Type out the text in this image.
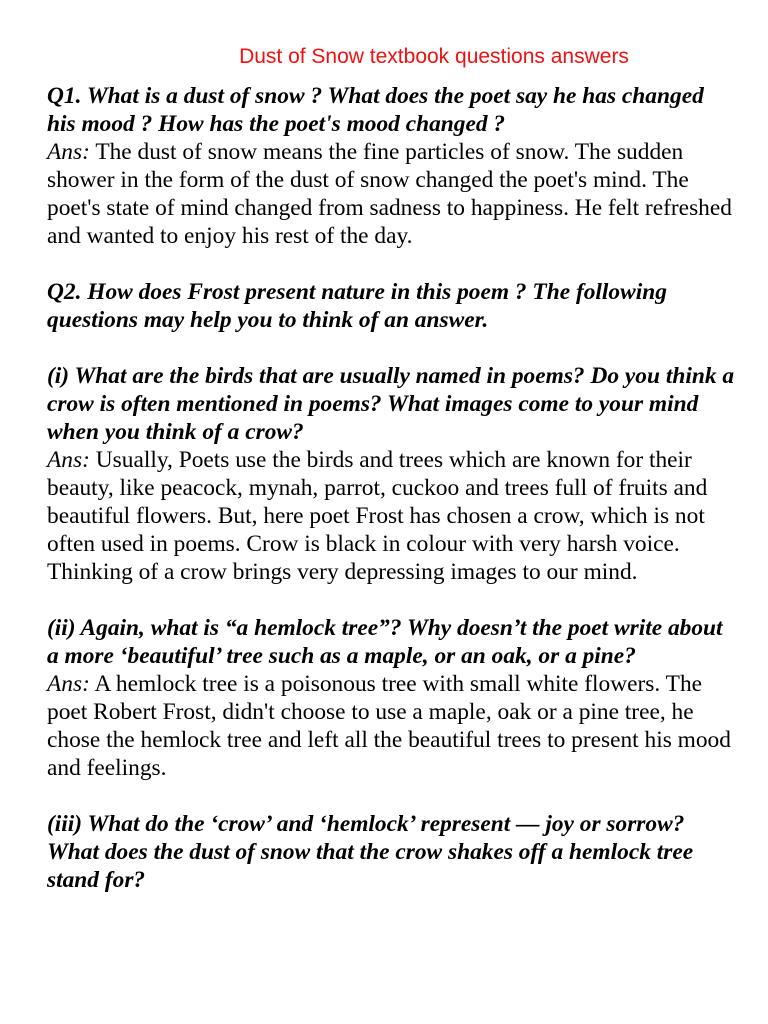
Dust of Snow textbook questions answers

Q1. What is a dust of snow ? What does the poet say he has changed his mood ? How has the poet's mood changed ?

Ans: The dust of snow means the fine particles of snow. The sudden shower in the form of the dust of snow changed the poet's mind. The poet's state of mind changed from sadness to happiness. He felt refreshed and wanted to enjoy his rest of the day.

Q2. How does Frost present nature in this poem ? The following questions may help you to think of an answer.

(i) What are the birds that are usually named in poems? Do you think a crow is often mentioned in poems? What images come to your mind when you think of a crow?

Ans: Usually, Poets use the birds and trees which are known for their beauty, like peacock, mynah, parrot, cuckoo and trees full of fruits and beautiful flowers. But, here poet Frost has chosen a crow, which is not often used in poems. Crow is black in colour with very harsh voice. Thinking of a crow brings very depressing images to our mind.

(ii) Again, what is “a hemlock tree”? Why doesn’t the poet write about a more ‘beautiful’ tree such as a maple, or an oak, or a pine?

Ans: A hemlock tree is a poisonous tree with small white flowers. The poet Robert Frost, didn't choose to use a maple, oak or a pine tree, he chose the hemlock tree and left all the beautiful trees to present his mood and feelings.

(iii) What do the ‘crow’ and ‘hemlock’ represent — joy or sorrow? What does the dust of snow that the crow shakes off a hemlock tree stand for?
